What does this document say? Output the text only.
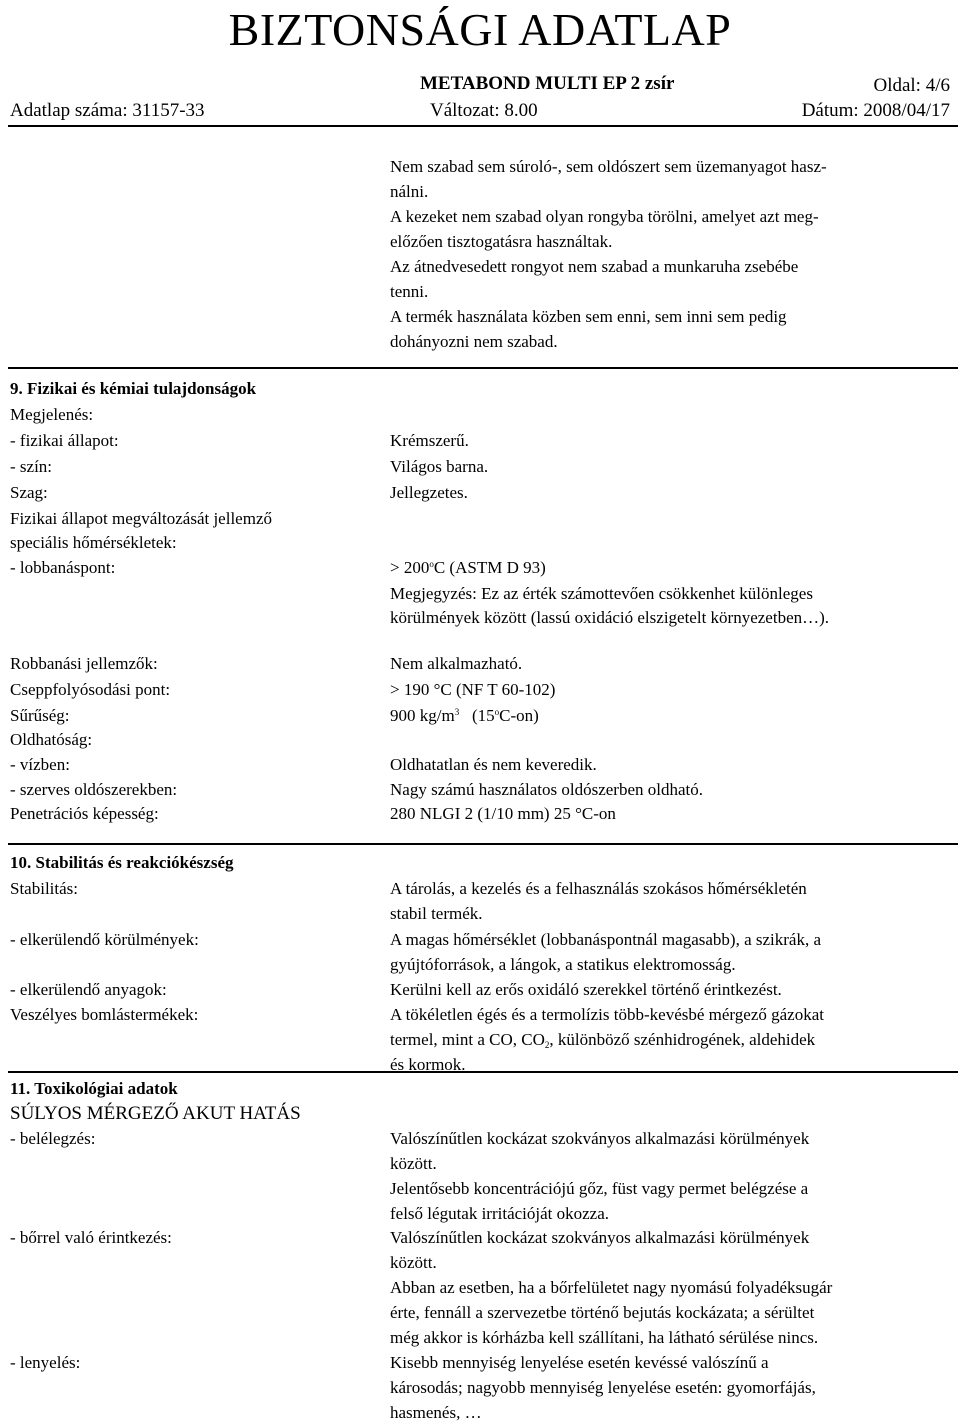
BIZTONSÁGI ADATLAP
METABOND MULTI EP 2 zsír	Oldal: 4/6
Adatlap száma: 31157-33	Változat: 8.00	Dátum: 2008/04/17
Nem szabad sem súroló-, sem oldószert sem üzemanyagot hasz-
nálni.
A kezeket nem szabad olyan rongyba törölni, amelyet azt meg-
előzően tisztogatásra használtak.
Az átnedvesedett rongyot nem szabad a munkaruha zsebébe
tenni.
A termék használata közben sem enni, sem inni sem pedig
dohányozni nem szabad.
9. Fizikai és kémiai tulajdonságok
Megjelenés:
- fizikai állapot:	Krémszerű.
- szín:	Világos barna.
Szag:	Jellegzetes.
Fizikai állapot megváltozását jellemző
speciális hőmérsékletek:
- lobbanáspont:	> $200^oC$ (ASTM D 93)
Megjegyzés: Ez az érték számottevően csökkenhet különleges
körülmények között (lassú oxidáció elszigetelt környezetben…).
Robbanási jellemzők:	Nem alkalmazható.
Cseppfolyósodási pont:	> 190 °C (NF T 60-102)
Sűrűség:	900 $kg/m^3$ (15$^o$C-on)
Oldhatóság:
- vízben:	Oldhatatlan és nem keveredik.
- szerves oldószerekben:	Nagy számú használatos oldószerben oldható.
Penetrációs képesség:	280 NLGI 2 (1/10 mm) 25 °C-on
10. Stabilitás és reakciókészség
Stabilitás:	A tárolás, a kezelés és a felhasználás szokásos hőmérsékletén
stabil termék.
- elkerülendő körülmények:	A magas hőmérséklet (lobbanáspontnál magasabb), a szikrák, a
gyújtóforrások, a lángok, a statikus elektromosság.
- elkerülendő anyagok:	Kerülni kell az erős oxidáló szerekkel történő érintkezést.
Veszélyes bomlástermékek:	A tökéletlen égés és a termolízis több-kevésbé mérgező gázokat
termel, mint a CO, $CO_2$, különböző szénhidrogének, aldehidek
és kormok.
11. Toxikológiai adatok
SÚLYOS MÉRGEZŐ AKUT HATÁS
- belélegzés:	Valószínűtlen kockázat szokványos alkalmazási körülmények
között.
Jelentősebb koncentrációjú gőz, füst vagy permet belégzése a
felső légutak irritációját okozza.
- bőrrel való érintkezés:	Valószínűtlen kockázat szokványos alkalmazási körülmények
között.
Abban az esetben, ha a bőrfelületet nagy nyomású folyadéksugár
érte, fennáll a szervezetbe történő bejutás kockázata; a sérültet
még akkor is kórházba kell szállítani, ha látható sérülése nincs.
- lenyelés:	Kisebb mennyiség lenyelése esetén kevéssé valószínű a
károsodás; nagyobb mennyiség lenyelése esetén: gyomorfájás,
hasmenés, …
